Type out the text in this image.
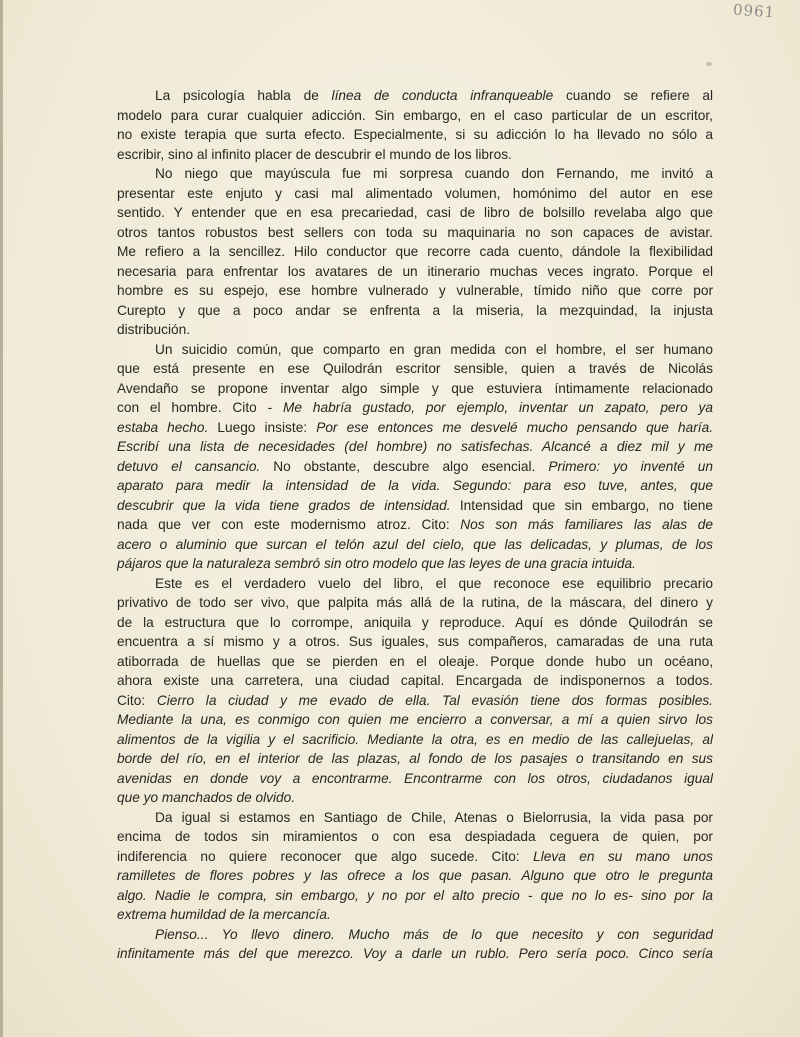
0961
La psicología habla de línea de conducta infranqueable cuando se refiere al
modelo para curar cualquier adicción. Sin embargo, en el caso particular de un escritor,
no existe terapia que surta efecto. Especialmente, si su adicción lo ha llevado no sólo a
escribir, sino al infinito placer de descubrir el mundo de los libros.
No niego que mayúscula fue mi sorpresa cuando don Fernando, me invitó a
presentar este enjuto y casi mal alimentado volumen, homónimo del autor en ese
sentido. Y entender que en esa precariedad, casi de libro de bolsillo revelaba algo que
otros tantos robustos best sellers con toda su maquinaria no son capaces de avistar.
Me refiero a la sencillez. Hilo conductor que recorre cada cuento, dándole la flexibilidad
necesaria para enfrentar los avatares de un itinerario muchas veces ingrato. Porque el
hombre es su espejo, ese hombre vulnerado y vulnerable, tímido niño que corre por
Curepto y que a poco andar se enfrenta a la miseria, la mezquindad, la injusta
distribución.
Un suicidio común, que comparto en gran medida con el hombre, el ser humano
que está presente en ese Quilodrán escritor sensible, quien a través de Nicolás
Avendaño se propone inventar algo simple y que estuviera íntimamente relacionado
con el hombre. Cito - Me habría gustado, por ejemplo, inventar un zapato, pero ya
estaba hecho. Luego insiste: Por ese entonces me desvelé mucho pensando que haría.
Escribí una lista de necesidades (del hombre) no satisfechas. Alcancé a diez mil y me
detuvo el cansancio. No obstante, descubre algo esencial. Primero: yo inventé un
aparato para medir la intensidad de la vida. Segundo: para eso tuve, antes, que
descubrir que la vida tiene grados de intensidad. Intensidad que sin embargo, no tiene
nada que ver con este modernismo atroz. Cito: Nos son más familiares las alas de
acero o aluminio que surcan el telón azul del cielo, que las delicadas, y plumas, de los
pájaros que la naturaleza sembró sin otro modelo que las leyes de una gracia intuida.
Este es el verdadero vuelo del libro, el que reconoce ese equilibrio precario
privativo de todo ser vivo, que palpita más allá de la rutina, de la máscara, del dinero y
de la estructura que lo corrompe, aniquila y reproduce. Aquí es dónde Quilodrán se
encuentra a sí mismo y a otros. Sus iguales, sus compañeros, camaradas de una ruta
atiborrada de huellas que se pierden en el oleaje. Porque donde hubo un océano,
ahora existe una carretera, una ciudad capital. Encargada de indisponernos a todos.
Cito: Cierro la ciudad y me evado de ella. Tal evasión tiene dos formas posibles.
Mediante la una, es conmigo con quien me encierro a conversar, a mí a quien sirvo los
alimentos de la vigilia y el sacrificio. Mediante la otra, es en medio de las callejuelas, al
borde del río, en el interior de las plazas, al fondo de los pasajes o transitando en sus
avenidas en donde voy a encontrarme. Encontrarme con los otros, ciudadanos igual
que yo manchados de olvido.
Da igual si estamos en Santiago de Chile, Atenas o Bielorrusia, la vida pasa por
encima de todos sin miramientos o con esa despiadada ceguera de quien, por
indiferencia no quiere reconocer que algo sucede. Cito: Lleva en su mano unos
ramilletes de flores pobres y las ofrece a los que pasan. Alguno que otro le pregunta
algo. Nadie le compra, sin embargo, y no por el alto precio - que no lo es- sino por la
extrema humildad de la mercancía.
Pienso... Yo llevo dinero. Mucho más de lo que necesito y con seguridad
infinitamente más del que merezco. Voy a darle un rublo. Pero sería poco. Cinco sería
